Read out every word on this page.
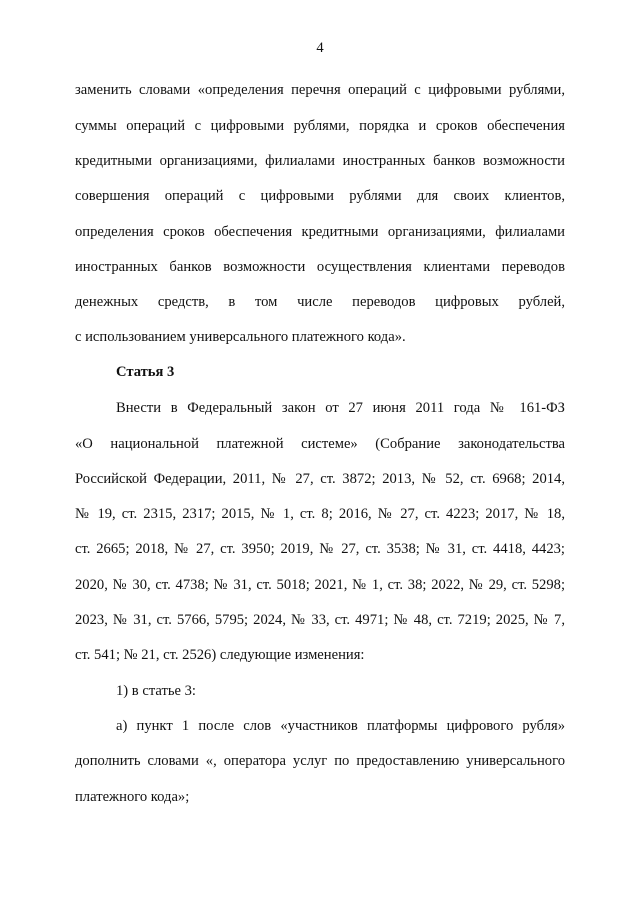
4
заменить словами «определения перечня операций с цифровыми рублями,
суммы операций с цифровыми рублями, порядка и сроков обеспечения
кредитными организациями, филиалами иностранных банков возможности
совершения операций с цифровыми рублями для своих клиентов,
определения сроков обеспечения кредитными организациями, филиалами
иностранных банков возможности осуществления клиентами переводов
денежных средств, в том числе переводов цифровых рублей,
с использованием универсального платежного кода».
Статья 3
Внести в Федеральный закон от 27 июня 2011 года № 161-ФЗ
«О национальной платежной системе» (Собрание законодательства
Российской Федерации, 2011, № 27, ст. 3872; 2013, № 52, ст. 6968; 2014,
№ 19, ст. 2315, 2317; 2015, № 1, ст. 8; 2016, № 27, ст. 4223; 2017, № 18,
ст. 2665; 2018, № 27, ст. 3950; 2019, № 27, ст. 3538; № 31, ст. 4418, 4423;
2020, № 30, ст. 4738; № 31, ст. 5018; 2021, № 1, ст. 38; 2022, № 29, ст. 5298;
2023, № 31, ст. 5766, 5795; 2024, № 33, ст. 4971; № 48, ст. 7219; 2025, № 7,
ст. 541; № 21, ст. 2526) следующие изменения:
1) в статье 3:
а) пункт 1 после слов «участников платформы цифрового рубля»
дополнить словами «, оператора услуг по предоставлению универсального
платежного кода»;
